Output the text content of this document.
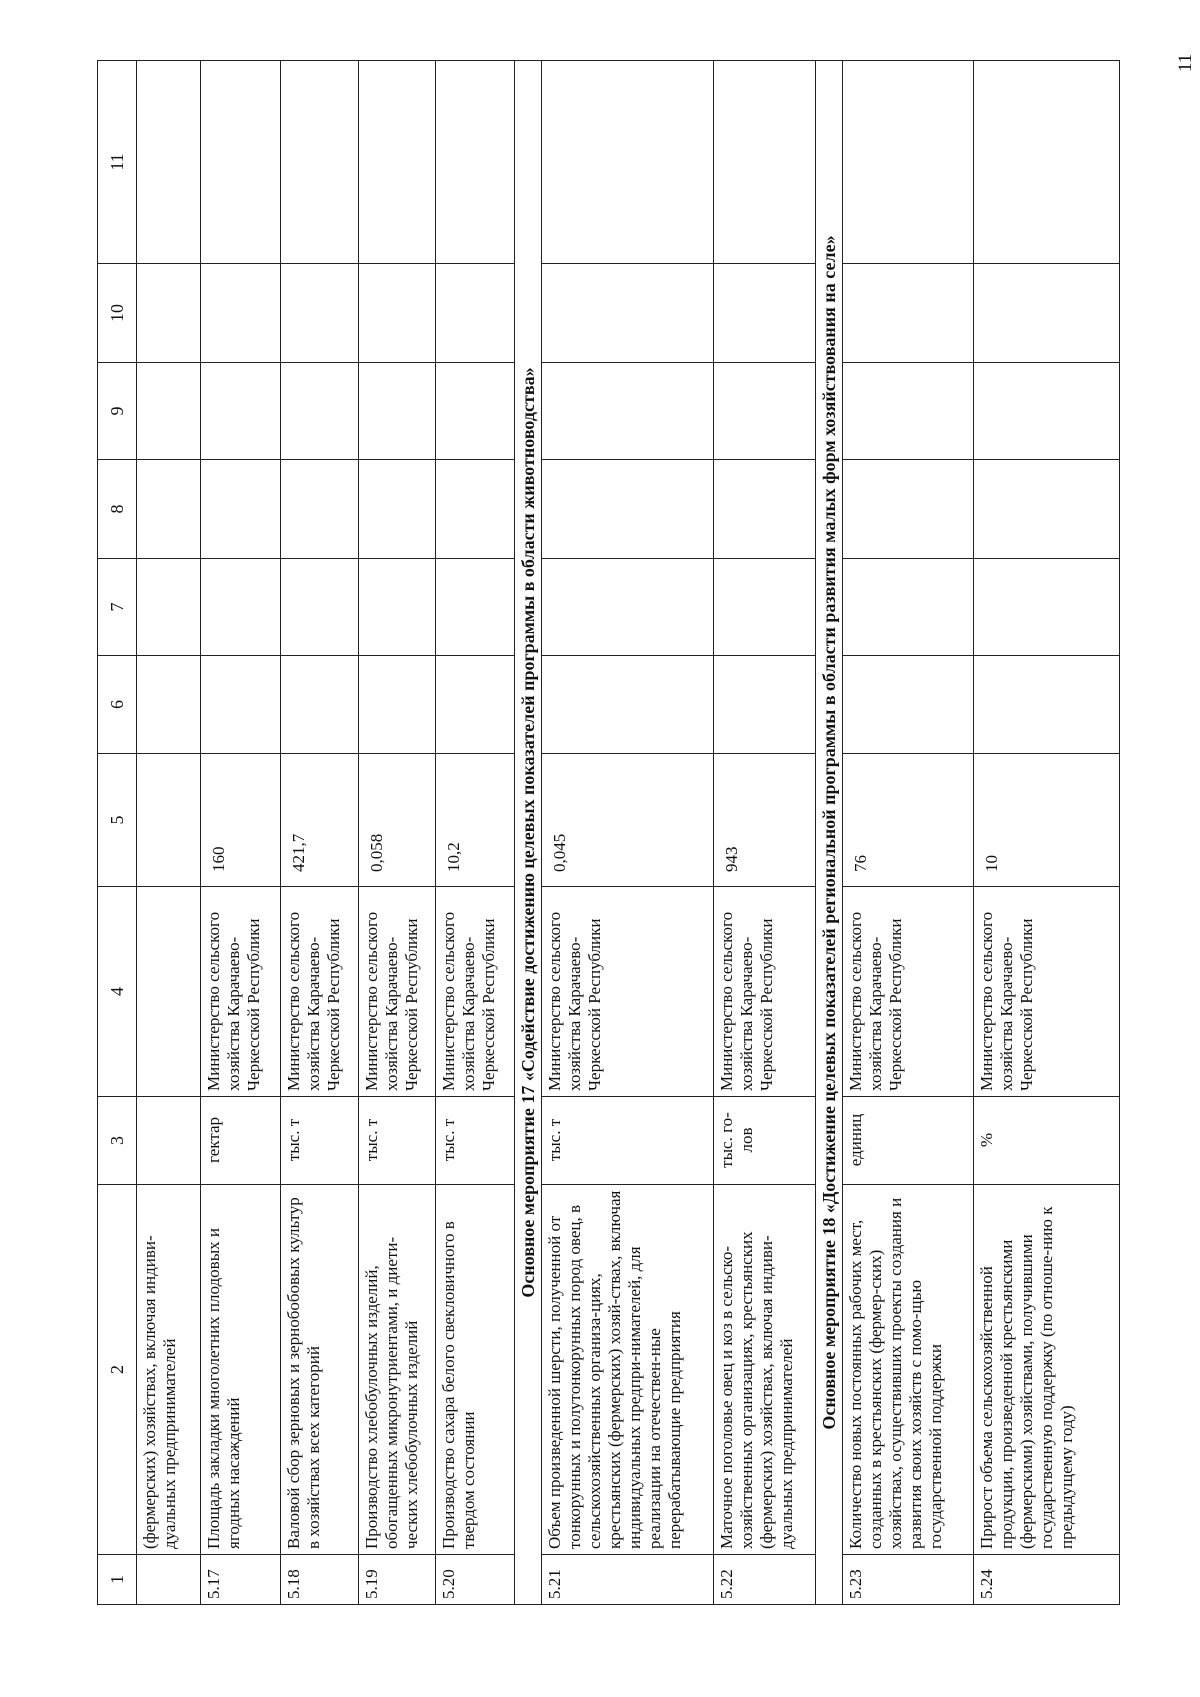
11
1	2	3	4	5	6	7	8	9	10	11
	(фермерских) хозяйствах, включая индиви-дуальных предпринимателей									
5.17	Площадь закладки многолетних плодовых и ягодных насаждений	гектар	Министерство сельского хозяйства Карачаево-Черкесской Республики	160						
5.18	Валовой сбор зерновых и зернобобовых культур в хозяйствах всех категорий	тыс. т	Министерство сельского хозяйства Карачаево-Черкесской Республики	421,7						
5.19	Производство хлебобулочных изделий, обогащенных микронутриентами, и диети-ческих хлебобулочных изделий	тыс. т	Министерство сельского хозяйства Карачаево-Черкесской Республики	0,058						
5.20	Производство сахара белого свекловичного в твердом состоянии	тыс. т	Министерство сельского хозяйства Карачаево-Черкесской Республики	10,2						
Основное мероприятие 17 «Содействие достижению целевых показателей программы в области животноводства»										
5.21	Объем произведенной шерсти, полученной от тонкорунных и полутонкорунных пород овец, в сельскохозяйственных организа-циях, крестьянских (фермерских) хозяй-ствах, включая индивидуальных предпри-нимателей, для реализации на отечествен-ные перерабатывающие предприятия	тыс. т	Министерство сельского хозяйства Карачаево-Черкесской Республики	0,045						
5.22	Маточное поголовье овец и коз в сельско-хозяйственных организациях, крестьянских (фермерских) хозяйствах, включая индиви-дуальных предпринимателей	тыс. го-лов	Министерство сельского хозяйства Карачаево-Черкесской Республики	943						
Основное мероприятие 18 «Достижение целевых показателей региональной программы в области развития малых форм хозяйствования на селе»										
5.23	Количество новых постоянных рабочих мест, созданных в крестьянских (фермер-ских) хозяйствах, осуществивших проекты создания и развития своих хозяйств с помо-щью государственной поддержки	единиц	Министерство сельского хозяйства Карачаево-Черкесской Республики	76						
5.24	Прирост объема сельскохозяйственной продукции, произведенной крестьянскими (фермерскими) хозяйствами, получившими государственную поддержку (по отноше-нию к предыдущему году)	%	Министерство сельского хозяйства Карачаево-Черкесской Республики	10						
